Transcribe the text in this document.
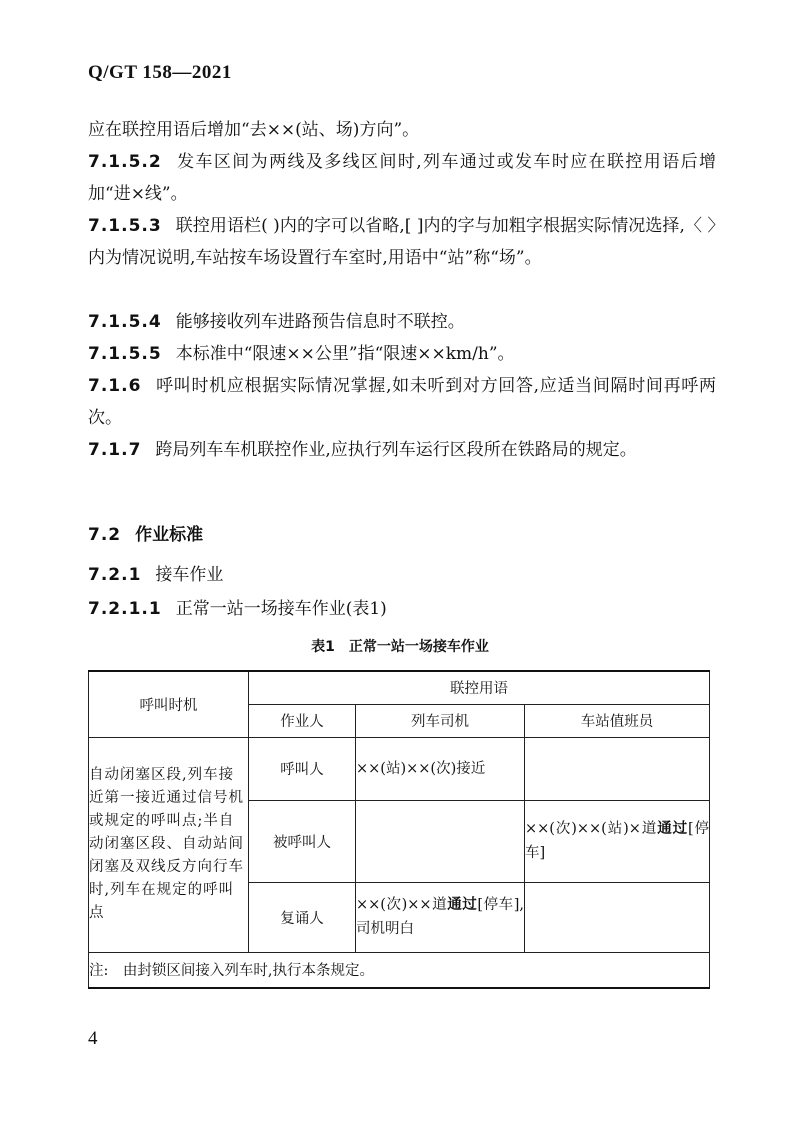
Q/GT 158—2021
应在联控用语后增加“去××(站、场)方向”。
7.1.5.2 发车区间为两线及多线区间时,列车通过或发车时应在联控用语后增加“进×线”。
7.1.5.3 联控用语栏( )内的字可以省略,[ ]内的字与加粗字根据实际情况选择,〈 〉内为情况说明,车站按车场设置行车室时,用语中“站”称“场”。
7.1.5.4 能够接收列车进路预告信息时不联控。
7.1.5.5 本标准中“限速××公里”指“限速××km/h”。
7.1.6 呼叫时机应根据实际情况掌握,如未听到对方回答,应适当间隔时间再呼两次。
7.1.7 跨局列车车机联控作业,应执行列车运行区段所在铁路局的规定。
7.2 作业标准
7.2.1 接车作业
7.2.1.1 正常一站一场接车作业(表1)
表1　正常一站一场接车作业
呼叫时机	联控用语		
	作业人	列车司机	车站值班员
自动闭塞区段,列车接近第一接近通过信号机或规定的呼叫点;半自动闭塞区段、自动站间闭塞及双线反方向行车时,列车在规定的呼叫点	呼叫人	××(站)××(次)接近	
	被呼叫人		××(次)××(站)×道通过[停车]
	复诵人	××(次)××道通过[停车],司机明白	
注:　由封锁区间接入列车时,执行本条规定。			
4
